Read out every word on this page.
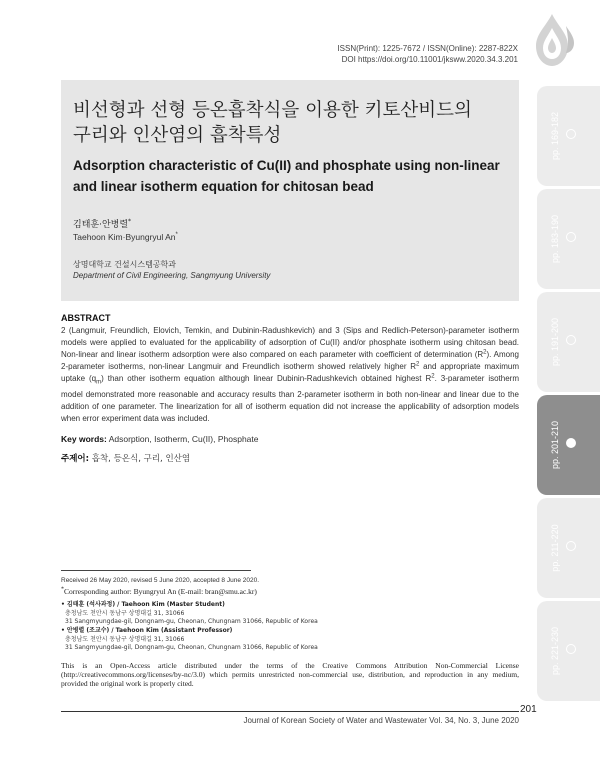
ISSN(Print): 1225-7672 / ISSN(Online): 2287-822X
DOI https://doi.org/10.11001/jksww.2020.34.3.201
비선형과 선형 등온흡착식을 이용한 키토산비드의
구리와 인산염의 흡착특성
Adsorption characteristic of Cu(II) and phosphate using non-linear
and linear isotherm equation for chitosan bead
김태훈·안병렬*
Taehoon Kim·Byungryul An*
상명대학교 건설시스템공학과
Department of Civil Engineering, Sangmyung University
ABSTRACT
2 (Langmuir, Freundlich, Elovich, Temkin, and Dubinin-Radushkevich) and 3 (Sips and Redlich-Peterson)-parameter isotherm models were applied to evaluated for the applicability of adsorption of Cu(II) and/or phosphate isotherm using chitosan bead. Non-linear and linear isotherm adsorption were also compared on each parameter with coefficient of determination $(R^2)$. Among 2-parameter isotherms, non-linear Langmuir and Freundlich isotherm showed relatively higher $R^2$ and appropriate maximum uptake $(q_m)$ than other isotherm equation although linear Dubinin-Radushkevich obtained highest $R^2$. 3-parameter isotherm model demonstrated more reasonable and accuracy results than 2-parameter isotherm in both non-linear and linear due to the addition of one parameter. The linearization for all of isotherm equation did not increase the applicability of adsorption models when error experiment data was included.
Key words: Adsorption, Isotherm, Cu(II), Phosphate
주제어: 흡착, 등온식, 구리, 인산염
Received 26 May 2020, revised 5 June 2020, accepted 8 June 2020.
*Corresponding author: Byungryul An (E-mail: bran@smu.ac.kr)
• 김태훈 (석사과정) / Taehoon Kim (Master Student)
충청남도 천안시 동남구 상명대길 31, 31066
31 Sangmyungdae-gil, Dongnam-gu, Cheonan, Chungnam 31066, Republic of Korea
• 안병렬 (조교수) / Taehoon Kim (Assistant Professor)
충청남도 천안시 동남구 상명대길 31, 31066
31 Sangmyungdae-gil, Dongnam-gu, Cheonan, Chungnam 31066, Republic of Korea
This is an Open-Access article distributed under the terms of the Creative Commons Attribution Non-Commercial License (http://creativecommons.org/licenses/by-nc/3.0) which permits unrestricted non-commercial use, distribution, and reproduction in any medium, provided the original work is properly cited.
201
Journal of Korean Society of Water and Wastewater Vol. 34, No. 3, June 2020
pp. 169-182
pp. 183-190
pp. 191-200
pp. 201-210
pp. 211-220
pp. 221-230
